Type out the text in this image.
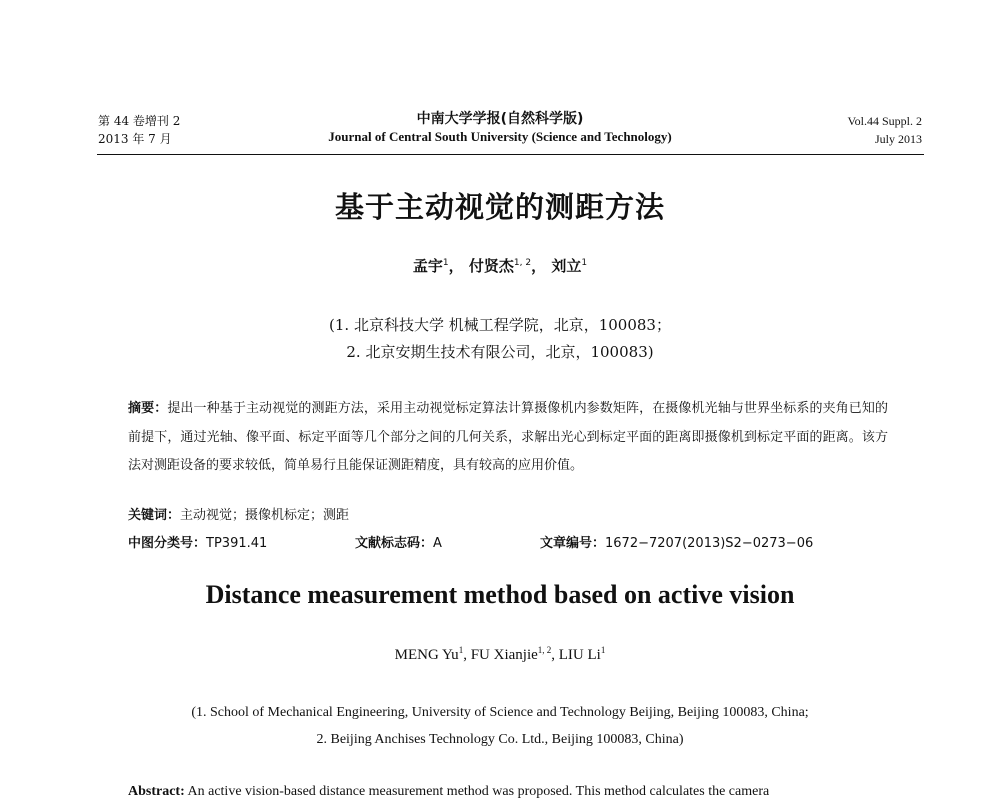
第 44 卷增刊 2
2013 年 7 月
中南大学学报(自然科学版)
Journal of Central South University (Science and Technology)
Vol.44 Suppl. 2
July 2013
基于主动视觉的测距方法
孟宇$^1$， 付贤杰$^{1, 2}$， 刘立$^1$
(1. 北京科技大学 机械工程学院，北京，100083；
2. 北京安期生技术有限公司，北京，100083)
摘要：提出一种基于主动视觉的测距方法，采用主动视觉标定算法计算摄像机内参数矩阵，在摄像机光轴与世界坐标系的夹角已知的前提下，通过光轴、像平面、标定平面等几个部分之间的几何关系，求解出光心到标定平面的距离即摄像机到标定平面的距离。该方法对测距设备的要求较低，简单易行且能保证测距精度，具有较高的应用价值。
关键词：主动视觉；摄像机标定；测距
中图分类号：TP391.41	文献标志码：A	文章编号：1672−7207(2013)S2−0273−06
Distance measurement method based on active vision
MENG Yu$^1$, FU Xianjie$^{1, 2}$, LIU Li$^1$
(1. School of Mechanical Engineering, University of Science and Technology Beijing, Beijing 100083, China;
2. Beijing Anchises Technology Co. Ltd., Beijing 100083, China)
Abstract: An active vision-based distance measurement method was proposed. This method calculates the camera
